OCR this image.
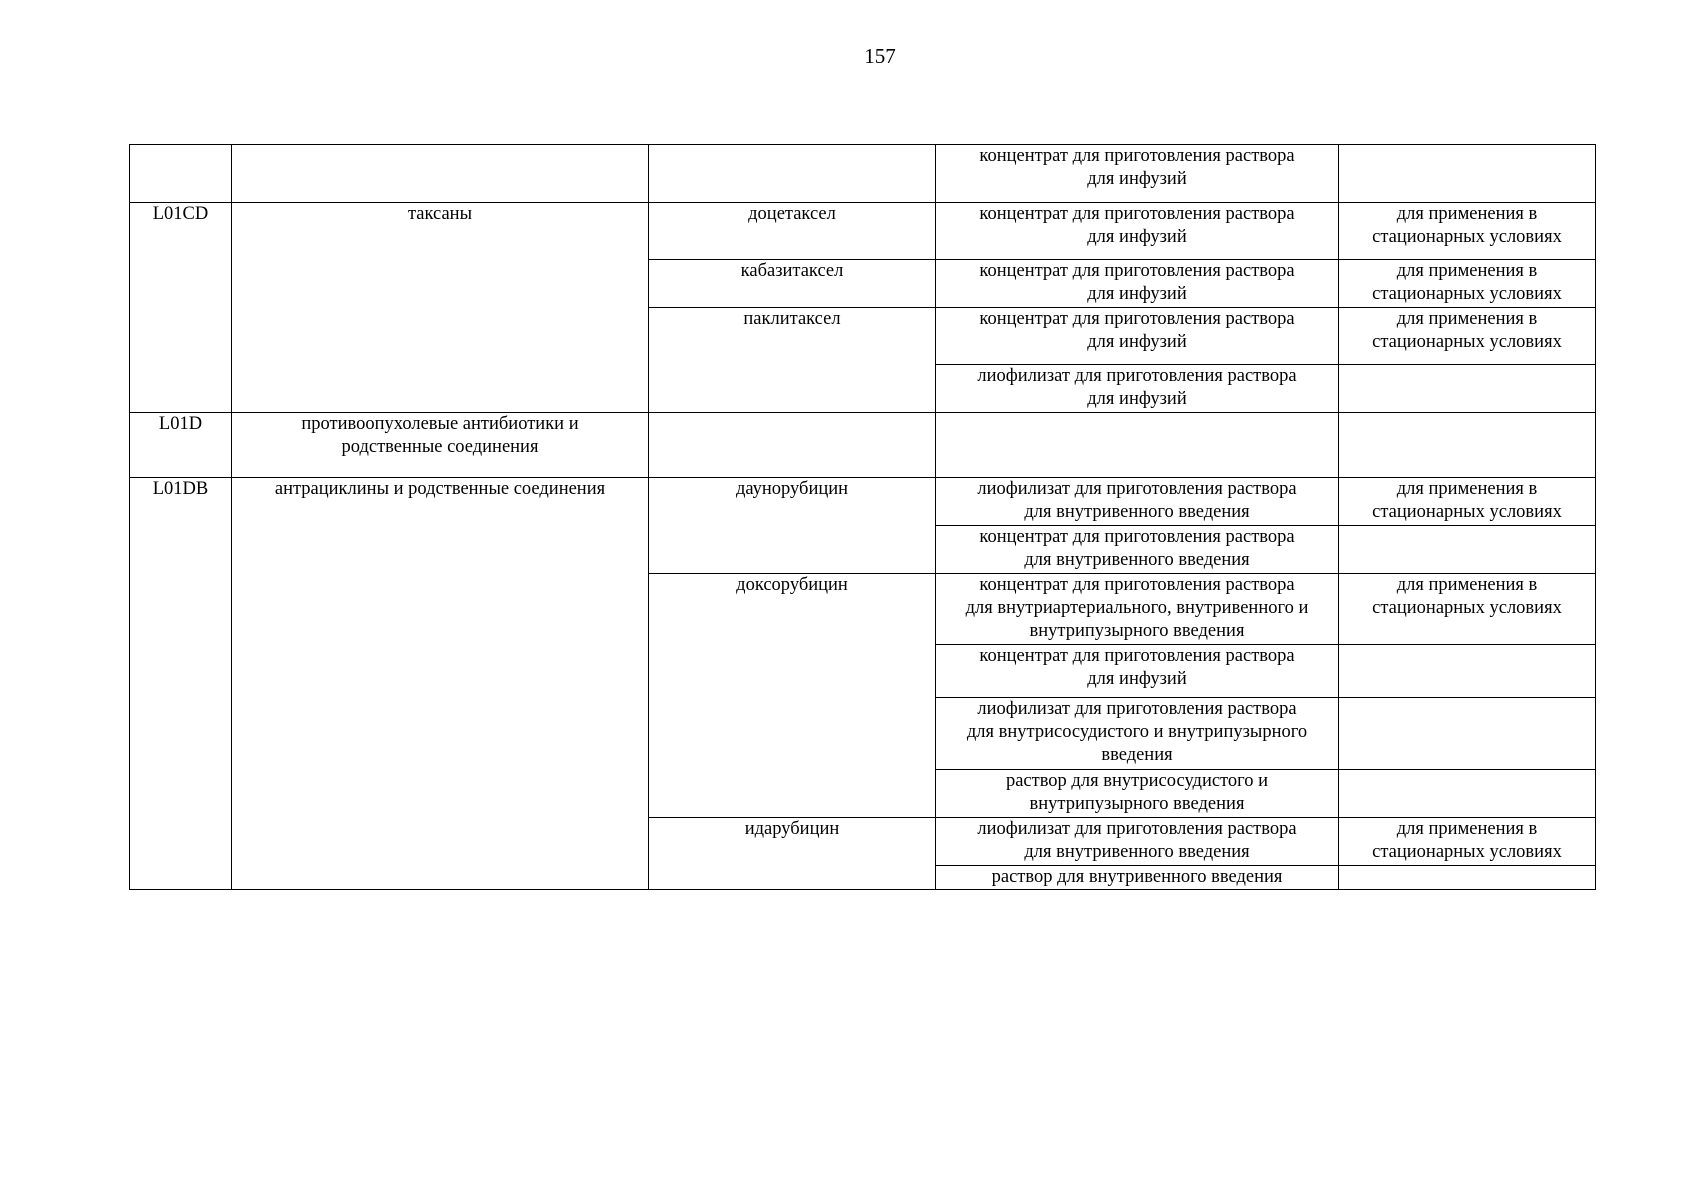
157

			концентрат для приготовления раствора
для инфузий	

L01CD	таксаны	доцетаксел	концентрат для приготовления раствора
для инфузий	для применения в
стационарных условиях

		кабазитаксел	концентрат для приготовления раствора
для инфузий	для применения в
стационарных условиях

		паклитаксел	концентрат для приготовления раствора
для инфузий	для применения в
стационарных условиях

			лиофилизат для приготовления раствора
для инфузий	

L01D	противоопухолевые антибиотики и
родственные соединения			

L01DB	антрациклины и родственные соединения	даунорубицин	лиофилизат для приготовления раствора
для внутривенного введения	для применения в
стационарных условиях

			концентрат для приготовления раствора
для внутривенного введения	

		доксорубицин	концентрат для приготовления раствора
для внутриартериального, внутривенного и
внутрипузырного введения	для применения в
стационарных условиях

			концентрат для приготовления раствора
для инфузий	

			лиофилизат для приготовления раствора
для внутрисосудистого и внутрипузырного
введения	

			раствор для внутрисосудистого и
внутрипузырного введения	

		идарубицин	лиофилизат для приготовления раствора
для внутривенного введения	для применения в
стационарных условиях

			раствор для внутривенного введения	
